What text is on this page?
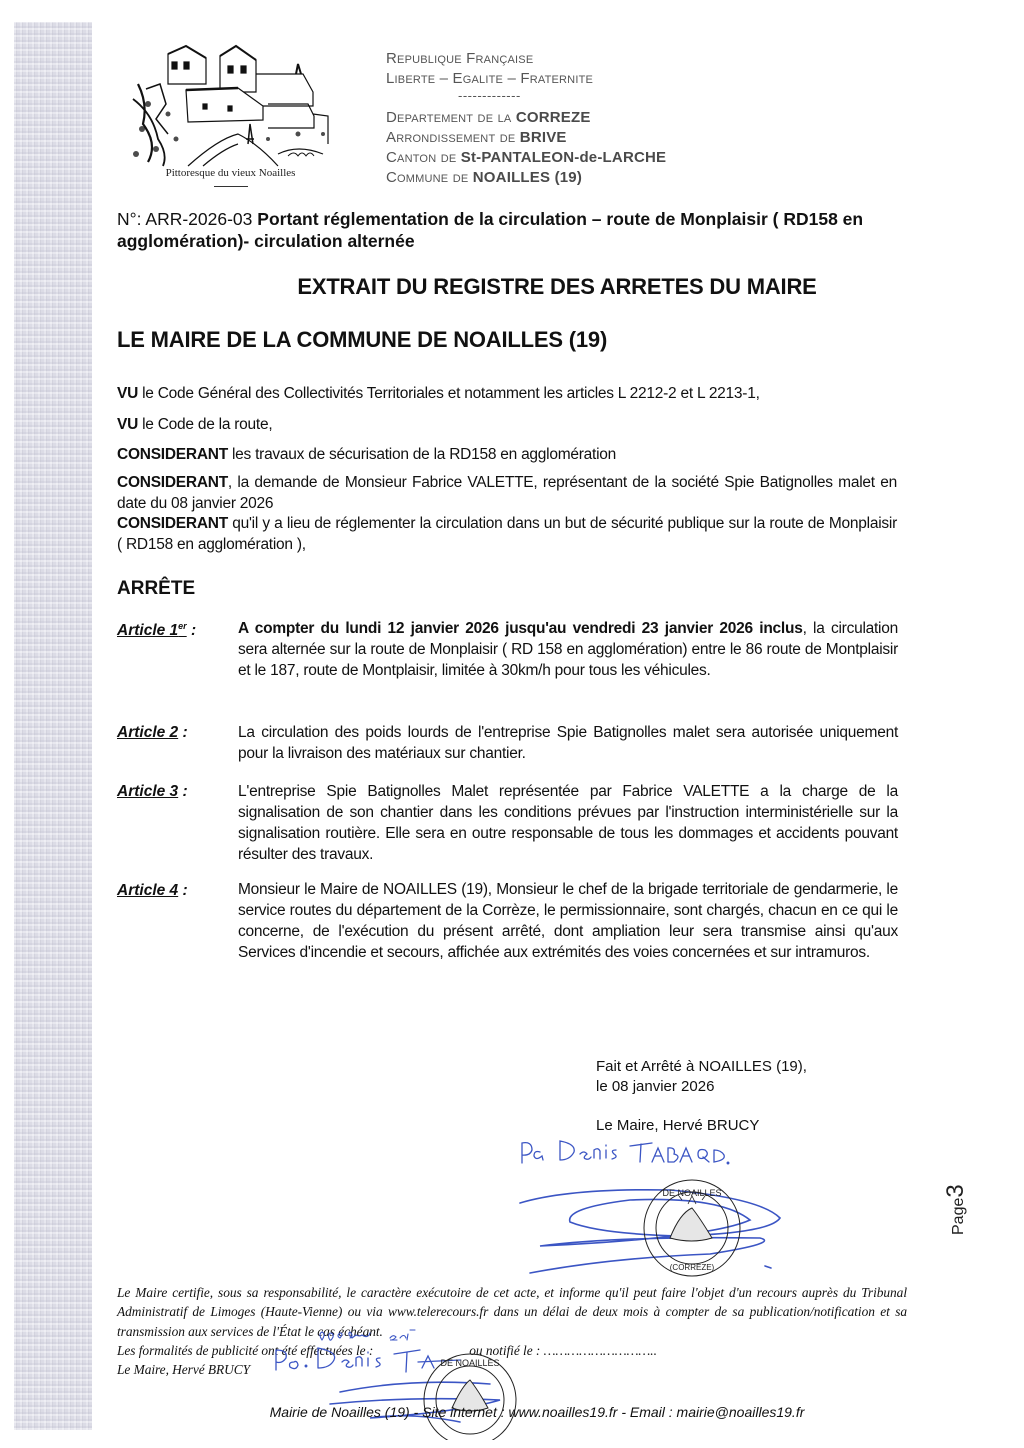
Pittoresque du vieux Noailles
Republique Française
Liberte – Egalite – Fraternite
-------------
Departement de la CORREZE
Arrondissement de BRIVE
Canton de St-PANTALEON-de-LARCHE
Commune de NOAILLES (19)
N°: ARR-2026-03 Portant réglementation de la circulation – route de Monplaisir ( RD158 en agglomération)- circulation alternée
EXTRAIT DU REGISTRE DES ARRETES DU MAIRE
LE MAIRE DE LA COMMUNE DE NOAILLES (19)
VU le Code Général des Collectivités Territoriales et notamment les articles L 2212-2 et L 2213-1,
VU le Code de la route,
CONSIDERANT les travaux de sécurisation de la RD158 en agglomération
CONSIDERANT, la demande de Monsieur Fabrice VALETTE, représentant de la société Spie Batignolles malet en date du 08 janvier 2026
CONSIDERANT qu'il y a lieu de réglementer la circulation dans un but de sécurité publique sur la route de Monplaisir ( RD158 en agglomération ),
ARRÊTE
Article 1er :	A compter du lundi 12 janvier 2026 jusqu'au vendredi 23 janvier 2026 inclus, la circulation sera alternée sur la route de Monplaisir ( RD 158 en agglomération) entre le 86 route de Montplaisir et le 187, route de Montplaisir, limitée à 30km/h pour tous les véhicules.
Article 2 :	La circulation des poids lourds de l'entreprise Spie Batignolles malet sera autorisée uniquement pour la livraison des matériaux sur chantier.
Article 3 :	L'entreprise Spie Batignolles Malet représentée par Fabrice VALETTE a la charge de la signalisation de son chantier dans les conditions prévues par l'instruction interministérielle sur la signalisation routière. Elle sera en outre responsable de tous les dommages et accidents pouvant résulter des travaux.
Article 4 :	Monsieur le Maire de NOAILLES (19), Monsieur le chef de la brigade territoriale de gendarmerie, le service routes du département de la Corrèze, le permissionnaire, sont chargés, chacun en ce qui le concerne, de l'exécution du présent arrêté, dont ampliation leur sera transmise ainsi qu'aux Services d'incendie et secours, affichée aux extrémités des voies concernées et sur intramuros.
Fait et Arrêté à NOAILLES (19),
le 08 janvier 2026
Le Maire, Hervé BRUCY
DE NOAILLES
(CORREZE)
Page3
Le Maire certifie, sous sa responsabilité, le caractère exécutoire de cet acte, et informe qu'il peut faire l'objet d'un recours auprès du Tribunal Administratif de Limoges (Haute-Vienne) ou via www.telerecours.fr dans un délai de deux mois à compter de sa publication/notification et sa transmission aux services de l'État le cas échéant.
Les formalités de publicité ont été effectuées le :	ou notifié le : ………………………..
Le Maire, Hervé BRUCY	DE NOAILLES
Mairie de Noailles (19) - Site internet : www.noailles19.fr - Email : mairie@noailles19.fr
